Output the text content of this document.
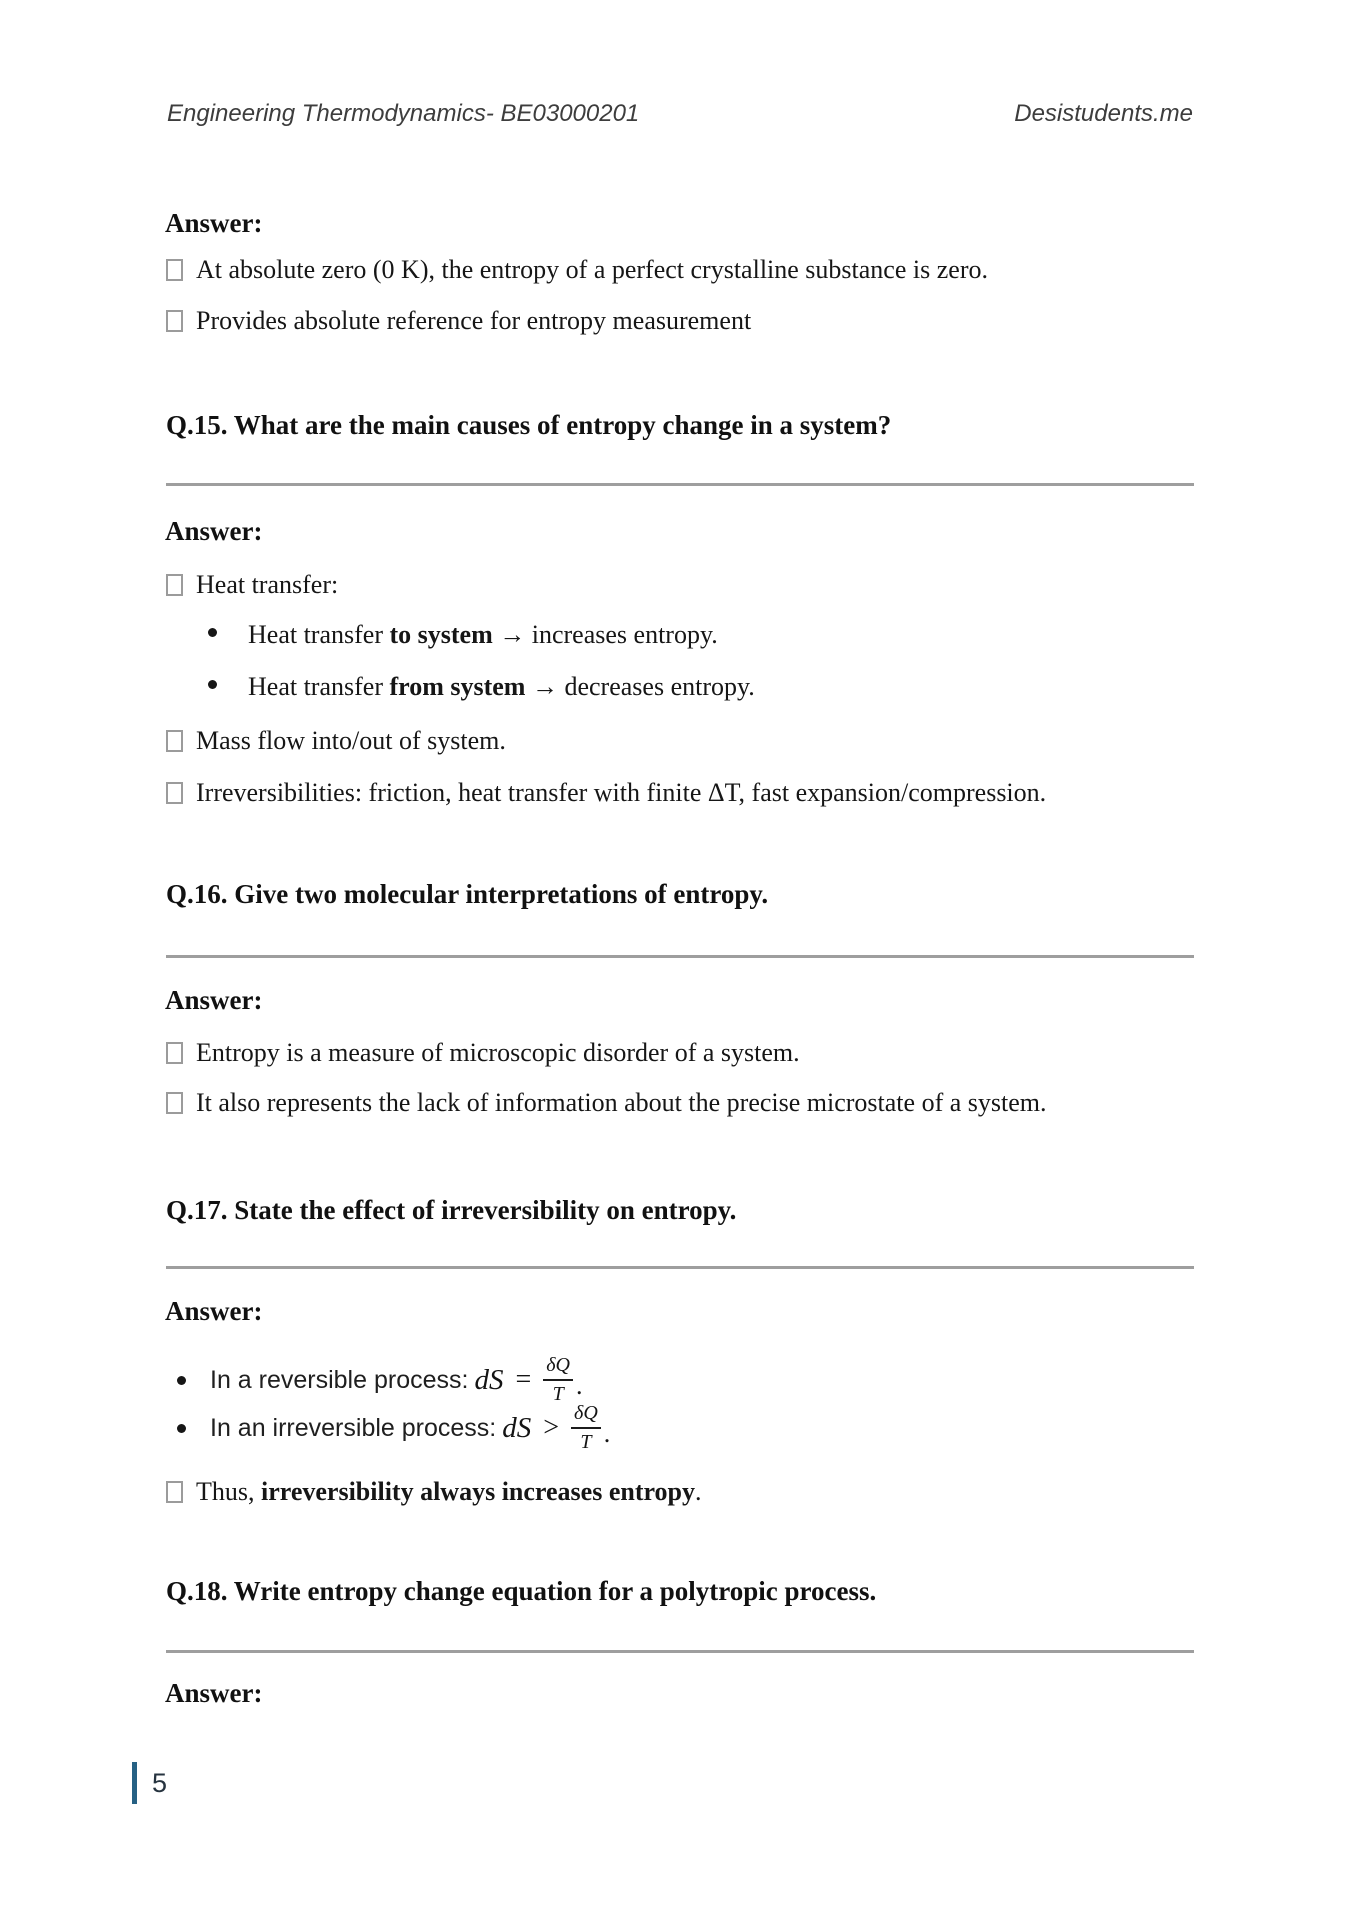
Engineering Thermodynamics- BE03000201	Desistudents.me
Answer:
At absolute zero (0 K), the entropy of a perfect crystalline substance is zero.
Provides absolute reference for entropy measurement
Q.15. What are the main causes of entropy change in a system?
Answer:
Heat transfer:
Heat transfer to system → increases entropy.
Heat transfer from system → decreases entropy.
Mass flow into/out of system.
Irreversibilities: friction, heat transfer with finite ΔT, fast expansion/compression.
Q.16. Give two molecular interpretations of entropy.
Answer:
Entropy is a measure of microscopic disorder of a system.
It also represents the lack of information about the precise microstate of a system.
Q.17. State the effect of irreversibility on entropy.
Answer:
In a reversible process: dS = $\frac{\delta Q}{T}$ .
In an irreversible process: dS > $\frac{\delta Q}{T}$ .
Thus, irreversibility always increases entropy.
Q.18. Write entropy change equation for a polytropic process.
Answer:
5
